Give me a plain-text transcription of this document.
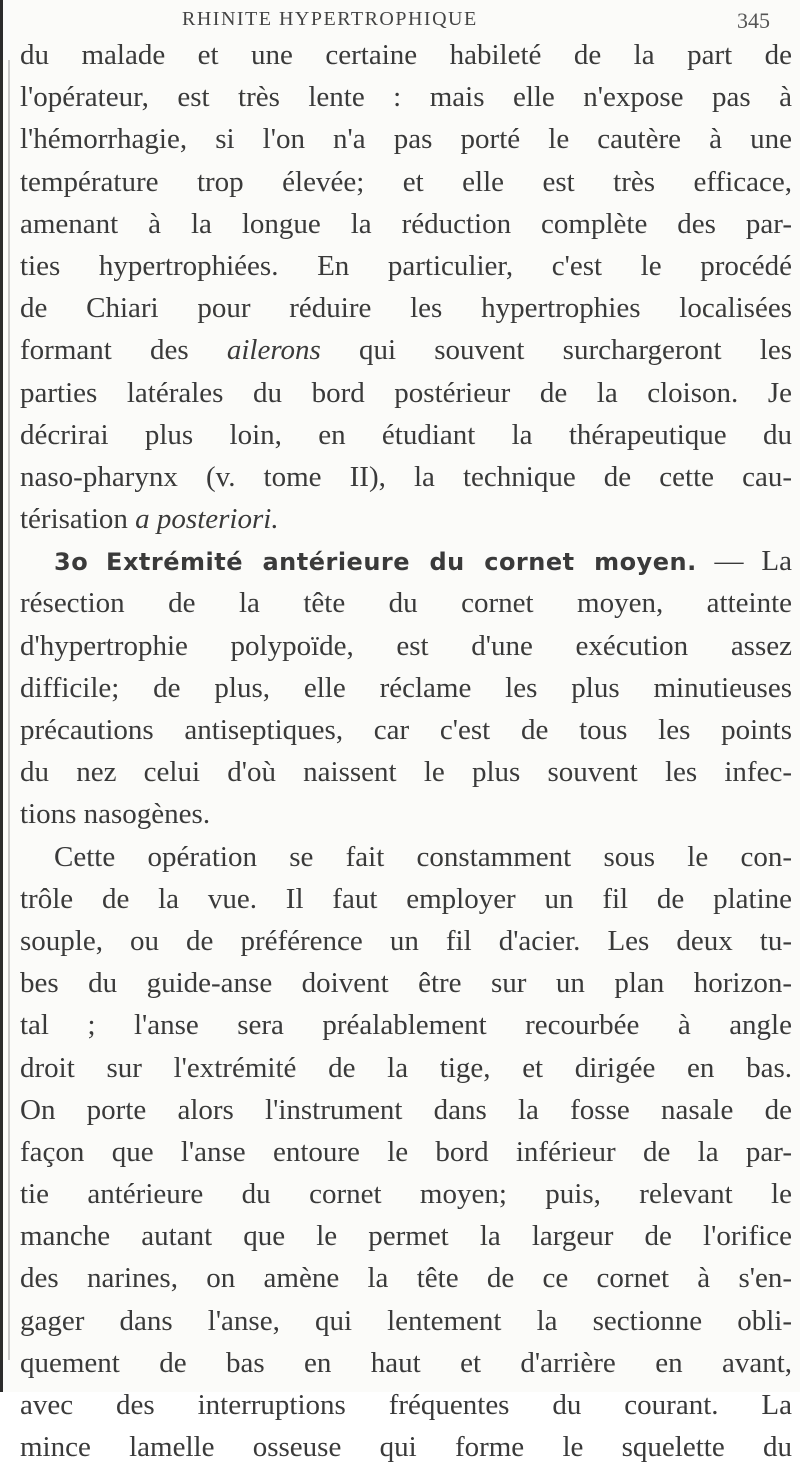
RHINITE HYPERTROPHIQUE	345
du malade et une certaine habileté de la part de
l'opérateur, est très lente : mais elle n'expose pas à
l'hémorrhagie, si l'on n'a pas porté le cautère à une
température trop élevée; et elle est très efficace,
amenant à la longue la réduction complète des par-
ties hypertrophiées. En particulier, c'est le procédé
de Chiari pour réduire les hypertrophies localisées
formant des ailerons qui souvent surchargeront les
parties latérales du bord postérieur de la cloison. Je
décrirai plus loin, en étudiant la thérapeutique du
naso-pharynx (v. tome II), la technique de cette cau-
térisation a posteriori.
3o Extrémité antérieure du cornet moyen. — La
résection de la tête du cornet moyen, atteinte
d'hypertrophie polypoïde, est d'une exécution assez
difficile; de plus, elle réclame les plus minutieuses
précautions antiseptiques, car c'est de tous les points
du nez celui d'où naissent le plus souvent les infec-
tions nasogènes.
Cette opération se fait constamment sous le con-
trôle de la vue. Il faut employer un fil de platine
souple, ou de préférence un fil d'acier. Les deux tu-
bes du guide-anse doivent être sur un plan horizon-
tal ; l'anse sera préalablement recourbée à angle
droit sur l'extrémité de la tige, et dirigée en bas.
On porte alors l'instrument dans la fosse nasale de
façon que l'anse entoure le bord inférieur de la par-
tie antérieure du cornet moyen; puis, relevant le
manche autant que le permet la largeur de l'orifice
des narines, on amène la tête de ce cornet à s'en-
gager dans l'anse, qui lentement la sectionne obli-
quement de bas en haut et d'arrière en avant,
avec des interruptions fréquentes du courant. La
mince lamelle osseuse qui forme le squelette du
